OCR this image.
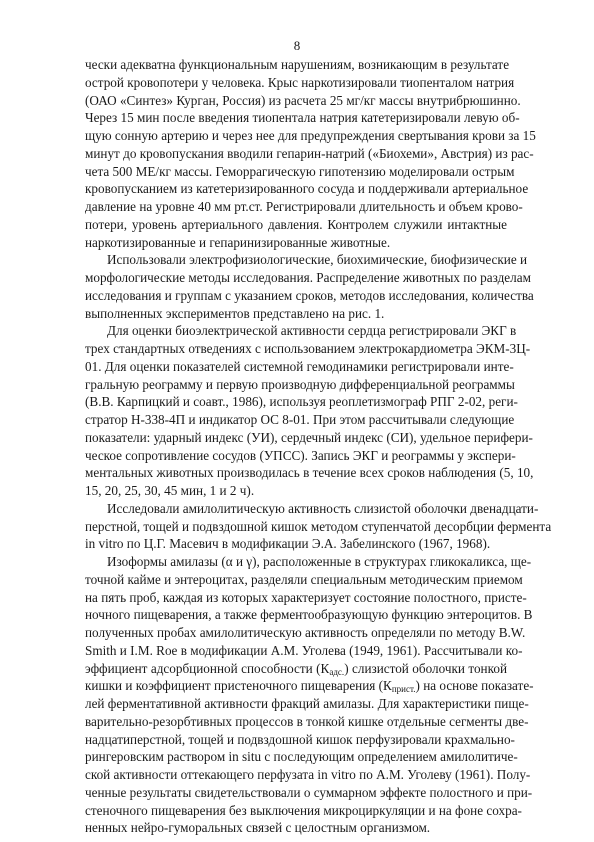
8
чески адекватна функциональным нарушениям, возникающим в результате
острой кровопотери у человека. Крыс наркотизировали тиопенталом натрия
(ОАО «Синтез» Курган, Россия) из расчета 25 мг/кг массы внутрибрюшинно.
Через 15 мин после введения тиопентала натрия катетеризировали левую об-
щую сонную артерию и через нее для предупреждения свертывания крови за 15
минут до кровопускания вводили гепарин-натрий («Биохеми», Австрия) из рас-
чета 500 МЕ/кг массы. Геморрагическую гипотензию моделировали острым
кровопусканием из катетеризированного сосуда и поддерживали артериальное
давление на уровне 40 мм рт.ст. Регистрировали длительность и объем крово-
потери, уровень артериального давления. Контролем служили интактные
наркотизированные и гепаринизированные животные.
Использовали электрофизиологические, биохимические, биофизические и
морфологические методы исследования. Распределение животных по разделам
исследования и группам с указанием сроков, методов исследования, количества
выполненных экспериментов представлено на рис. 1.
Для оценки биоэлектрической активности сердца регистрировали ЭКГ в
трех стандартных отведениях с использованием электрокардиометра ЭКМ-3Ц-
01. Для оценки показателей системной гемодинамики регистрировали инте-
гральную реограмму и первую производную дифференциальной реограммы
(В.В. Карпицкий и соавт., 1986), используя реоплетизмограф РПГ 2-02, реги-
стратор Н-338-4П и индикатор ОС 8-01. При этом рассчитывали следующие
показатели: ударный индекс (УИ), сердечный индекс (СИ), удельное перифери-
ческое сопротивление сосудов (УПСС). Запись ЭКГ и реограммы у экспери-
ментальных животных производилась в течение всех сроков наблюдения (5, 10,
15, 20, 25, 30, 45 мин, 1 и 2 ч).
Исследовали амилолитическую активность слизистой оболочки двенадцати-
перстной, тощей и подвздошной кишок методом ступенчатой десорбции фермента
in vitro по Ц.Г. Масевич в модификации Э.А. Забелинского (1967, 1968).
Изоформы амилазы (α и γ), расположенные в структурах гликокаликса, ще-
точной кайме и энтероцитах, разделяли специальным методическим приемом
на пять проб, каждая из которых характеризует состояние полостного, присте-
ночного пищеварения, а также ферментообразующую функцию энтероцитов. В
полученных пробах амилолитическую активность определяли по методу B.W.
Smith и I.M. Roe в модификации А.М. Уголева (1949, 1961). Рассчитывали ко-
эффициент адсорбционной способности $(К_{адс.})$ слизистой оболочки тонкой
кишки и коэффициент пристеночного пищеварения $(К_{прист.})$ на основе показате-
лей ферментативной активности фракций амилазы. Для характеристики пище-
варительно-резорбтивных процессов в тонкой кишке отдельные сегменты две-
надцатиперстной, тощей и подвздошной кишок перфузировали крахмально-
рингеровским раствором in situ с последующим определением амилолитиче-
ской активности оттекающего перфузата in vitro по А.М. Уголеву (1961). Полу-
ченные результаты свидетельствовали о суммарном эффекте полостного и при-
стеночного пищеварения без выключения микроциркуляции и на фоне сохра-
ненных нейро-гуморальных связей с целостным организмом.
